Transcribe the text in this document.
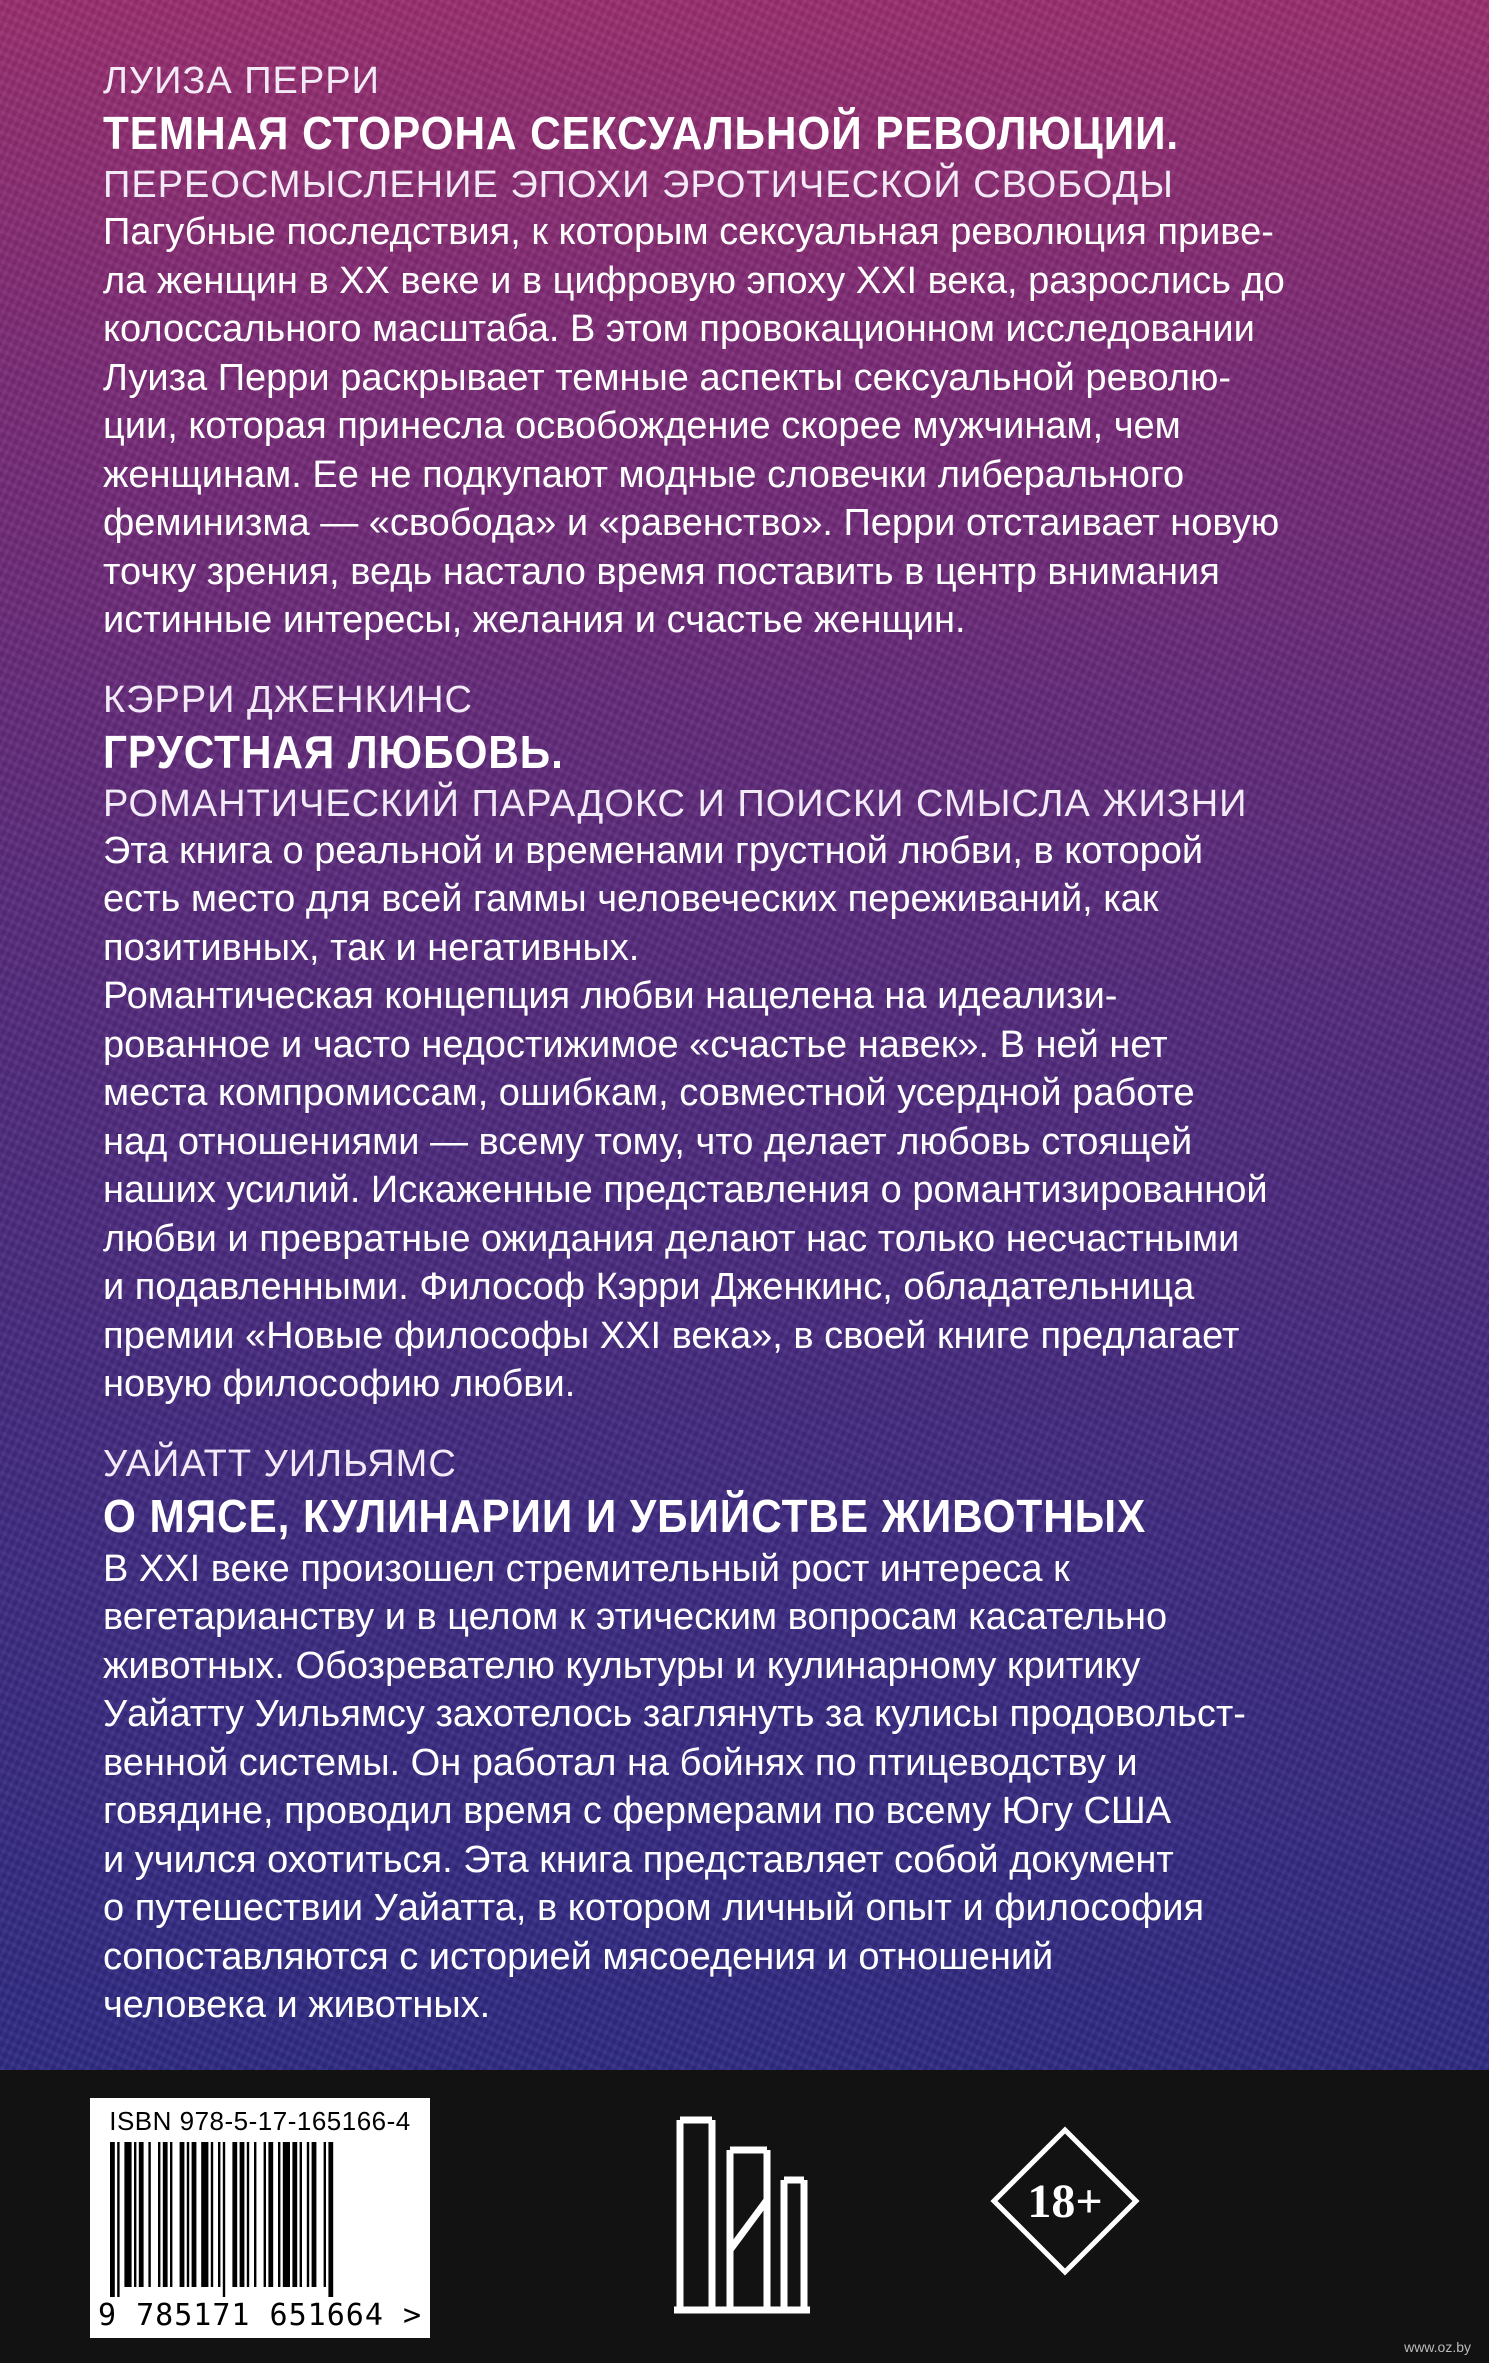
ЛУИЗА ПЕРРИ
ТЕМНАЯ СТОРОНА СЕКСУАЛЬНОЙ РЕВОЛЮЦИИ.
ПЕРЕОСМЫСЛЕНИЕ ЭПОХИ ЭРОТИЧЕСКОЙ СВОБОДЫ

Пагубные последствия, к которым сексуальная революция приве-
ла женщин в XX веке и в цифровую эпоху XXI века, разрослись до
колоссального масштаба. В этом провокационном исследовании
Луиза Перри раскрывает темные аспекты сексуальной револю-
ции, которая принесла освобождение скорее мужчинам, чем
женщинам. Ее не подкупают модные словечки либерального
феминизма — «свобода» и «равенство». Перри отстаивает новую
точку зрения, ведь настало время поставить в центр внимания
истинные интересы, желания и счастье женщин.

КЭРРИ ДЖЕНКИНС
ГРУСТНАЯ ЛЮБОВЬ.
РОМАНТИЧЕСКИЙ ПАРАДОКС И ПОИСКИ СМЫСЛА ЖИЗНИ

Эта книга о реальной и временами грустной любви, в которой
есть место для всей гаммы человеческих переживаний, как
позитивных, так и негативных.

Романтическая концепция любви нацелена на идеализи-
рованное и часто недостижимое «счастье навек». В ней нет
места компромиссам, ошибкам, совместной усердной работе
над отношениями — всему тому, что делает любовь стоящей
наших усилий. Искаженные представления о романтизированной
любви и превратные ожидания делают нас только несчастными
и подавленными. Философ Кэрри Дженкинс, обладательница
премии «Новые философы XXI века», в своей книге предлагает
новую философию любви.

УАЙАТТ УИЛЬЯМС
О МЯСЕ, КУЛИНАРИИ И УБИЙСТВЕ ЖИВОТНЫХ

В XXI веке произошел стремительный рост интереса к
вегетарианству и в целом к этическим вопросам касательно
животных. Обозревателю культуры и кулинарному критику
Уайатту Уильямсу захотелось заглянуть за кулисы продовольст-
венной системы. Он работал на бойнях по птицеводству и
говядине, проводил время с фермерами по всему Югу США
и учился охотиться. Эта книга представляет собой документ
о путешествии Уайатта, в котором личный опыт и философия
сопоставляются с историей мясоедения и отношений
человека и животных.

ISBN 978-5-17-165166-4
9 785171 651664 >
18+
www.oz.by
